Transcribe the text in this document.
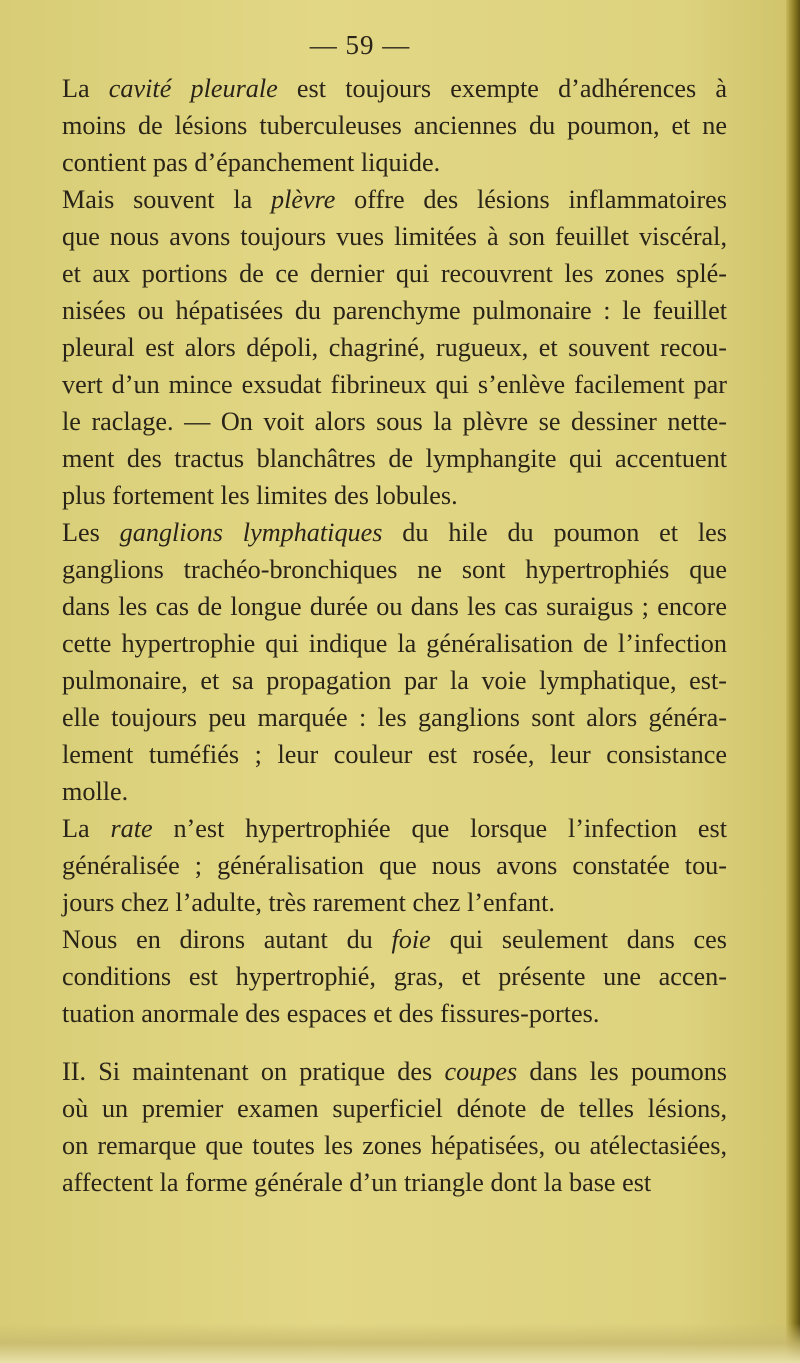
— 59 —
La cavité pleurale est toujours exempte d’adhérences à
moins de lésions tuberculeuses anciennes du poumon, et ne
contient pas d’épanchement liquide.
Mais souvent la plèvre offre des lésions inflammatoires
que nous avons toujours vues limitées à son feuillet viscéral,
et aux portions de ce dernier qui recouvrent les zones splé-
nisées ou hépatisées du parenchyme pulmonaire : le feuillet
pleural est alors dépoli, chagriné, rugueux, et souvent recou-
vert d’un mince exsudat fibrineux qui s’enlève facilement par
le raclage. — On voit alors sous la plèvre se dessiner nette-
ment des tractus blanchâtres de lymphangite qui accentuent
plus fortement les limites des lobules.
Les ganglions lymphatiques du hile du poumon et les
ganglions trachéo-bronchiques ne sont hypertrophiés que
dans les cas de longue durée ou dans les cas suraigus ; encore
cette hypertrophie qui indique la généralisation de l’infection
pulmonaire, et sa propagation par la voie lymphatique, est-
elle toujours peu marquée : les ganglions sont alors généra-
lement tuméfiés ; leur couleur est rosée, leur consistance
molle.
La rate n’est hypertrophiée que lorsque l’infection est
généralisée ; généralisation que nous avons constatée tou-
jours chez l’adulte, très rarement chez l’enfant.
Nous en dirons autant du foie qui seulement dans ces
conditions est hypertrophié, gras, et présente une accen-
tuation anormale des espaces et des fissures-portes.
II. Si maintenant on pratique des coupes dans les poumons
où un premier examen superficiel dénote de telles lésions,
on remarque que toutes les zones hépatisées, ou atélectasiées,
affectent la forme générale d’un triangle dont la base est
